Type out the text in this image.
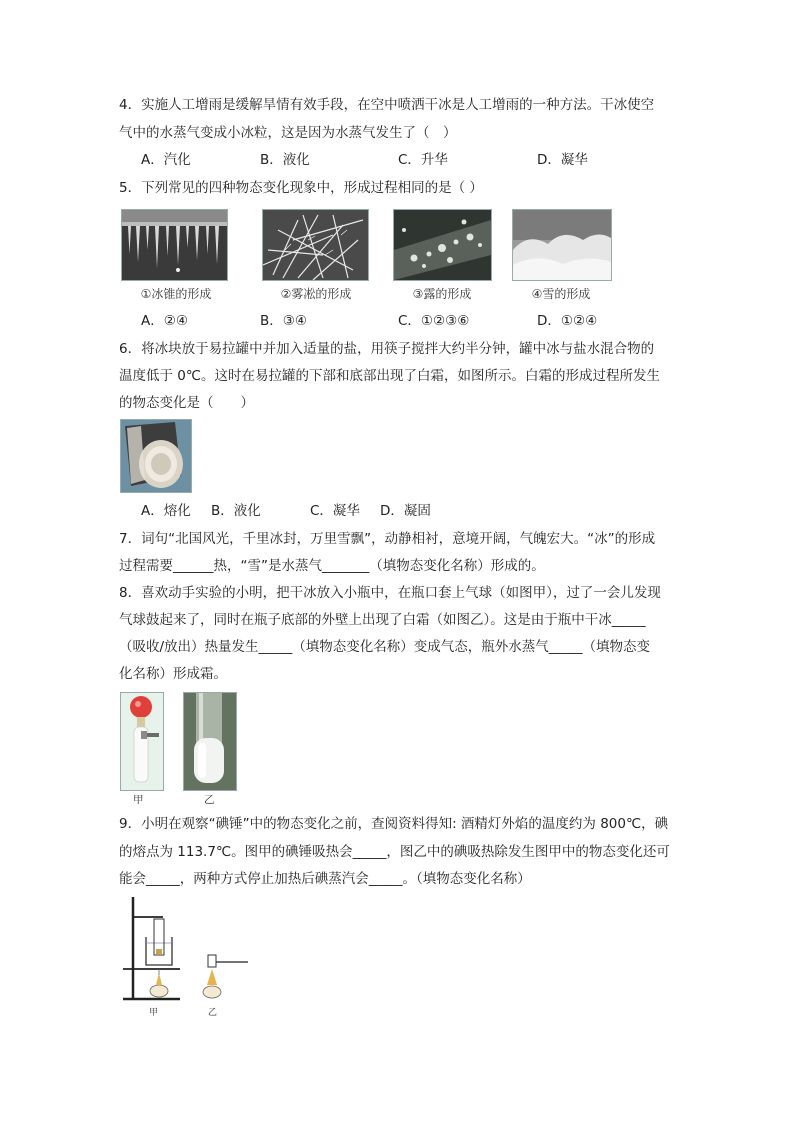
4．实施人工增雨是缓解旱情有效手段，在空中喷洒干冰是人工增雨的一种方法。干冰使空
气中的水蒸气变成小冰粒，这是因为水蒸气发生了（　）
A．汽化	B．液化	C．升华	D．凝华
5．下列常见的四种物态变化现象中，形成过程相同的是（ ）
①冰锥的形成	②雾凇的形成	③露的形成	④雪的形成
A．②④	B．③④	C．①②③⑥	D．①②④
6．将冰块放于易拉罐中并加入适量的盐，用筷子搅拌大约半分钟，罐中冰与盐水混合物的
温度低于 0℃。这时在易拉罐的下部和底部出现了白霜，如图所示。白霜的形成过程所发生
的物态变化是（　　）
A．熔化 B．液化	C．凝华 D．凝固
7．词句“北国风光，千里冰封，万里雪飘”，动静相衬，意境开阔，气魄宏大。“冰”的形成
过程需要______热，“雪”是水蒸气_______（填物态变化名称）形成的。
8．喜欢动手实验的小明，把干冰放入小瓶中，在瓶口套上气球（如图甲），过了一会儿发现
气球鼓起来了，同时在瓶子底部的外壁上出现了白霜（如图乙）。这是由于瓶中干冰_____
（吸收/放出）热量发生_____（填物态变化名称）变成气态，瓶外水蒸气_____（填物态变
化名称）形成霜。
甲	乙
9．小明在观察“碘锤”中的物态变化之前，查阅资料得知: 酒精灯外焰的温度约为 800℃，碘
的熔点为 113.7℃。图甲的碘锤吸热会_____，图乙中的碘吸热除发生图甲中的物态变化还可
能会_____，两种方式停止加热后碘蒸汽会_____。（填物态变化名称）
甲	乙
